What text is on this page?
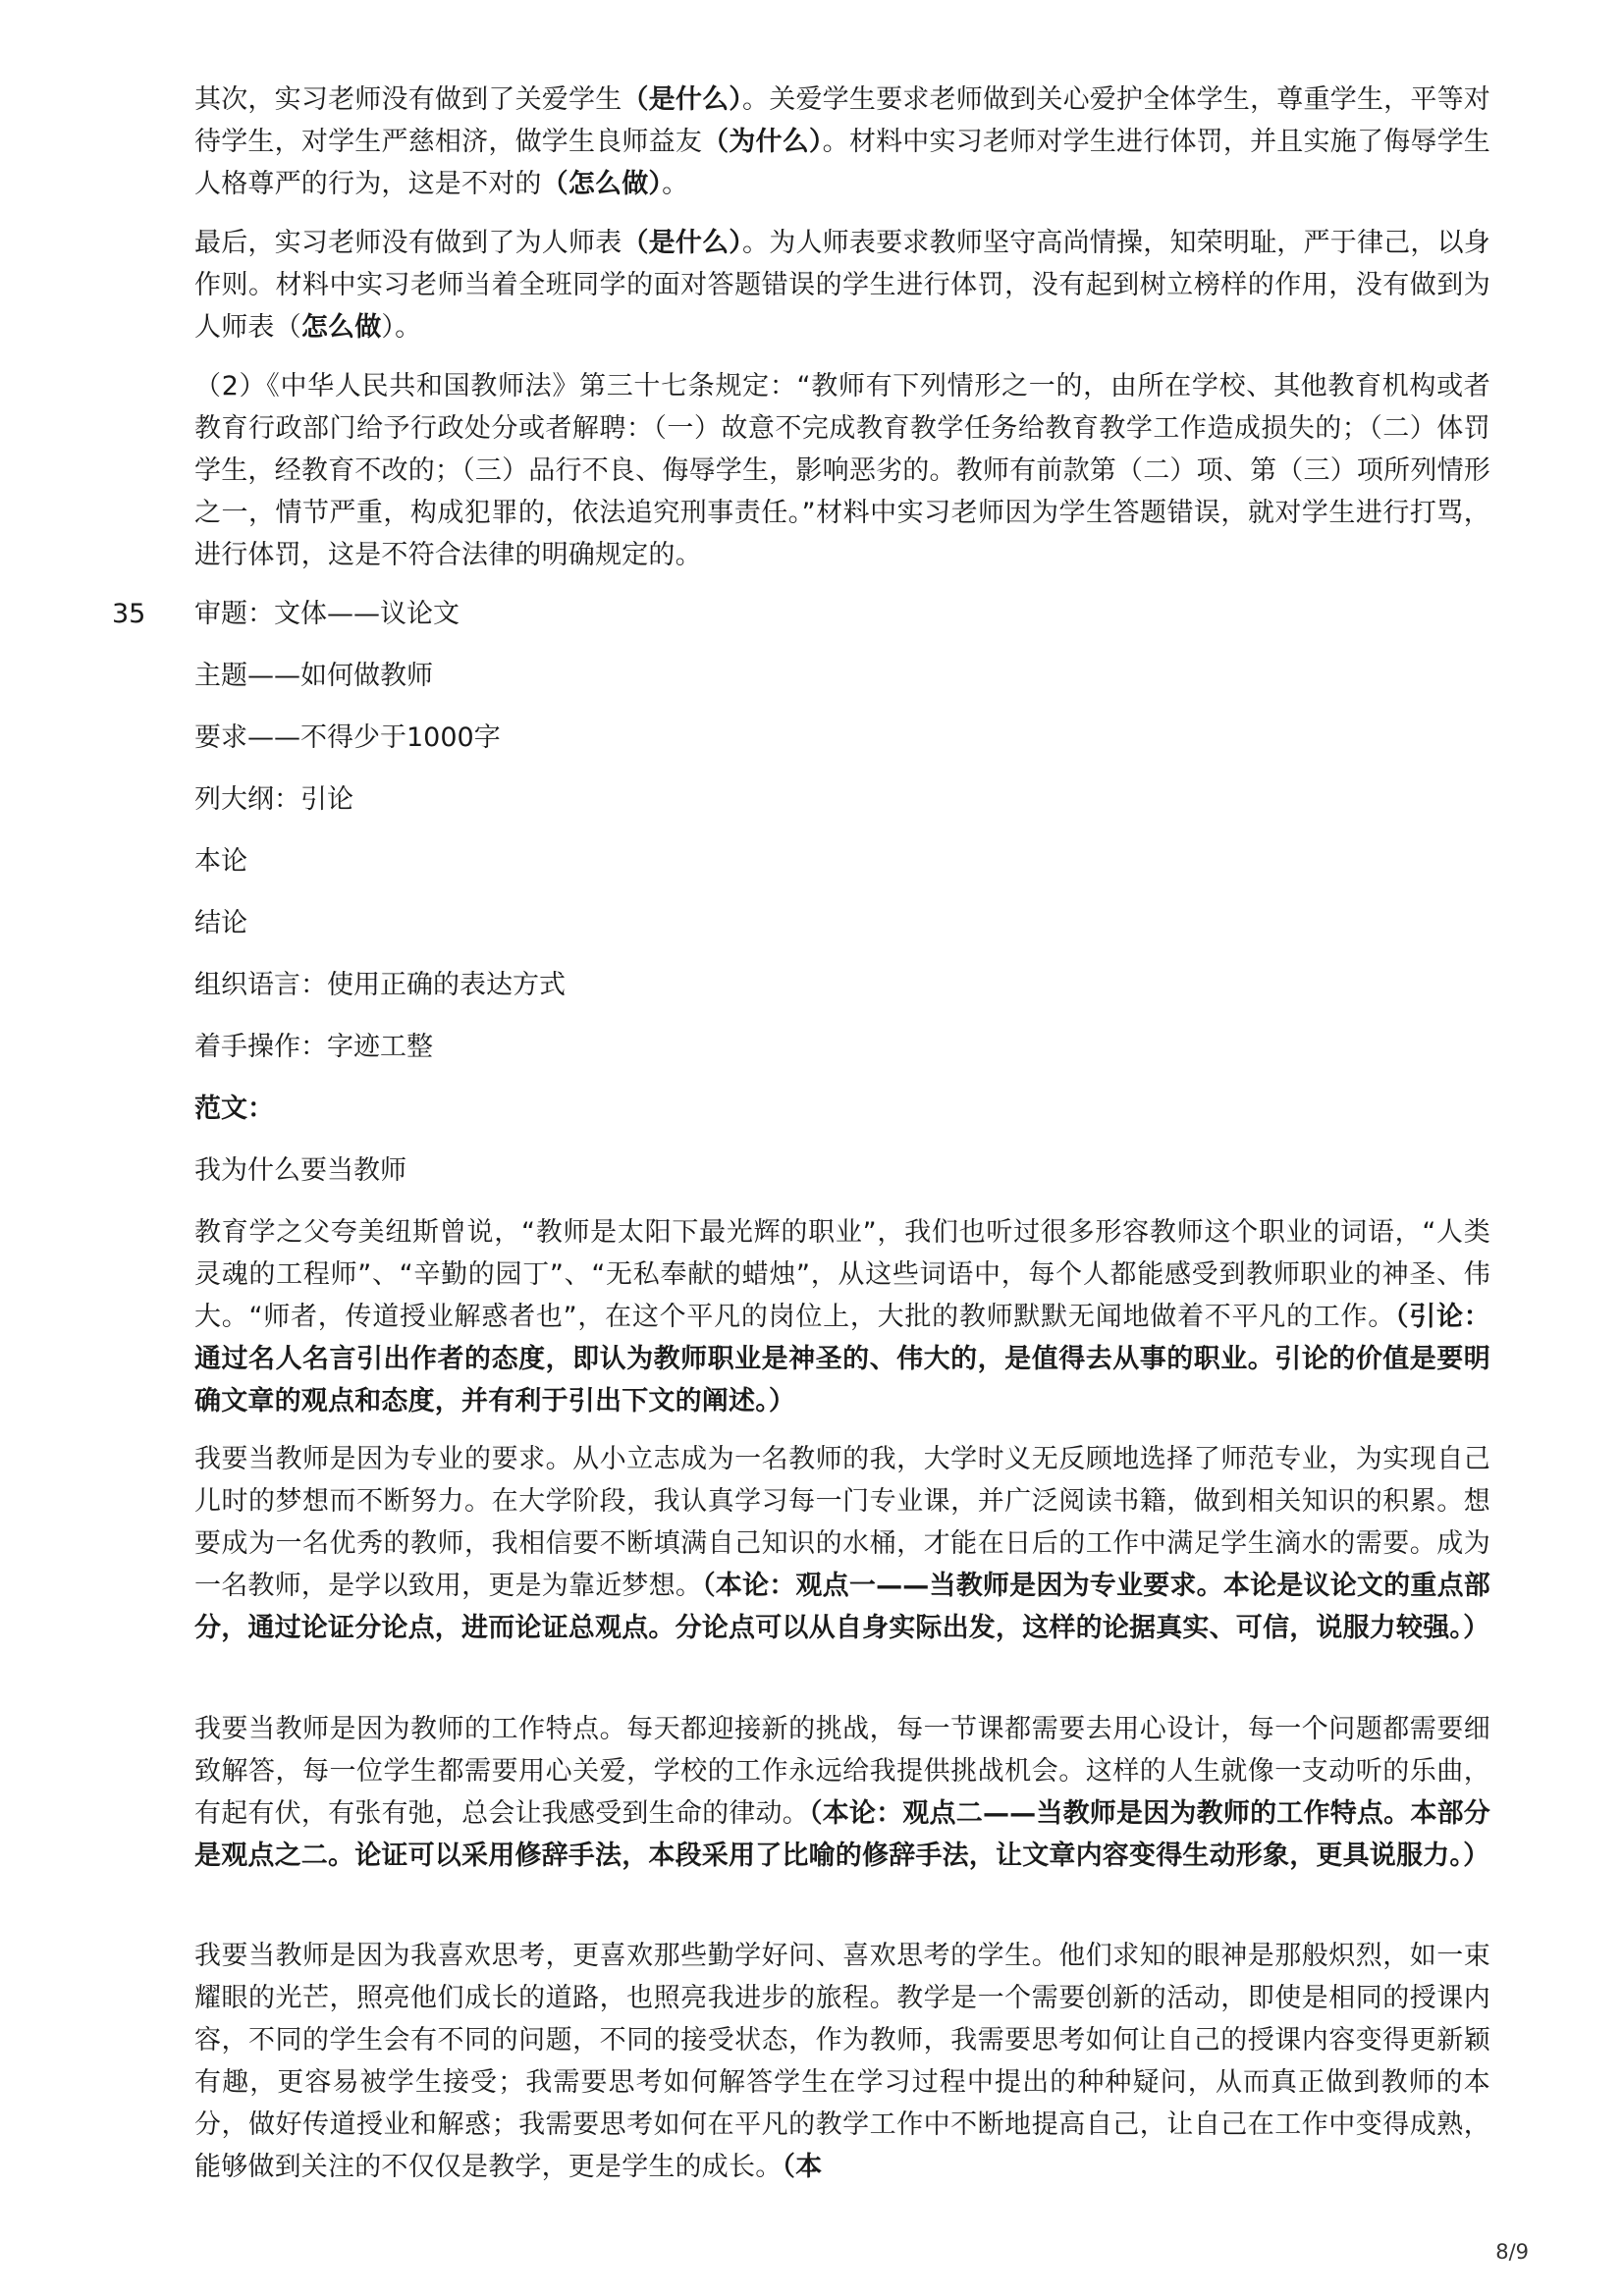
其次，实习老师没有做到了关爱学生（是什么）。关爱学生要求老师做到关心爱护全体学生，尊重学生，平等对待学生，对学生严慈相济，做学生良师益友（为什么）。材料中实习老师对学生进行体罚，并且实施了侮辱学生人格尊严的行为，这是不对的（怎么做）。

最后，实习老师没有做到了为人师表（是什么）。为人师表要求教师坚守高尚情操，知荣明耻，严于律己，以身作则。材料中实习老师当着全班同学的面对答题错误的学生进行体罚，没有起到树立榜样的作用，没有做到为人师表（怎么做）。

（2）《中华人民共和国教师法》第三十七条规定：“教师有下列情形之一的，由所在学校、其他教育机构或者教育行政部门给予行政处分或者解聘：（一）故意不完成教育教学任务给教育教学工作造成损失的；（二）体罚学生，经教育不改的；（三）品行不良、侮辱学生，影响恶劣的。教师有前款第（二）项、第（三）项所列情形之一，情节严重，构成犯罪的，依法追究刑事责任。”材料中实习老师因为学生答题错误，就对学生进行打骂，进行体罚，这是不符合法律的明确规定的。

35 审题：文体——议论文

主题——如何做教师

要求——不得少于1000字

列大纲：引论

本论

结论

组织语言：使用正确的表达方式

着手操作：字迹工整

范文：

我为什么要当教师

教育学之父夸美纽斯曾说，“教师是太阳下最光辉的职业”，我们也听过很多形容教师这个职业的词语，“人类灵魂的工程师”、“辛勤的园丁”、“无私奉献的蜡烛”，从这些词语中，每个人都能感受到教师职业的神圣、伟大。“师者，传道授业解惑者也”，在这个平凡的岗位上，大批的教师默默无闻地做着不平凡的工作。（引论：通过名人名言引出作者的态度，即认为教师职业是神圣的、伟大的，是值得去从事的职业。引论的价值是要明确文章的观点和态度，并有利于引出下文的阐述。）

我要当教师是因为专业的要求。从小立志成为一名教师的我，大学时义无反顾地选择了师范专业，为实现自己儿时的梦想而不断努力。在大学阶段，我认真学习每一门专业课，并广泛阅读书籍，做到相关知识的积累。想要成为一名优秀的教师，我相信要不断填满自己知识的水桶，才能在日后的工作中满足学生滴水的需要。成为一名教师，是学以致用，更是为靠近梦想。（本论：观点一——当教师是因为专业要求。本论是议论文的重点部分，通过论证分论点，进而论证总观点。分论点可以从自身实际出发，这样的论据真实、可信，说服力较强。）

我要当教师是因为教师的工作特点。每天都迎接新的挑战，每一节课都需要去用心设计，每一个问题都需要细致解答，每一位学生都需要用心关爱，学校的工作永远给我提供挑战机会。这样的人生就像一支动听的乐曲，有起有伏，有张有弛，总会让我感受到生命的律动。（本论：观点二——当教师是因为教师的工作特点。本部分是观点之二。论证可以采用修辞手法，本段采用了比喻的修辞手法，让文章内容变得生动形象，更具说服力。）

我要当教师是因为我喜欢思考，更喜欢那些勤学好问、喜欢思考的学生。他们求知的眼神是那般炽烈，如一束耀眼的光芒，照亮他们成长的道路，也照亮我进步的旅程。教学是一个需要创新的活动，即使是相同的授课内容，不同的学生会有不同的问题，不同的接受状态，作为教师，我需要思考如何让自己的授课内容变得更新颖有趣，更容易被学生接受；我需要思考如何解答学生在学习过程中提出的种种疑问，从而真正做到教师的本分，做好传道授业和解惑；我需要思考如何在平凡的教学工作中不断地提高自己，让自己在工作中变得成熟，能够做到关注的不仅仅是教学，更是学生的成长。（本

8/9
